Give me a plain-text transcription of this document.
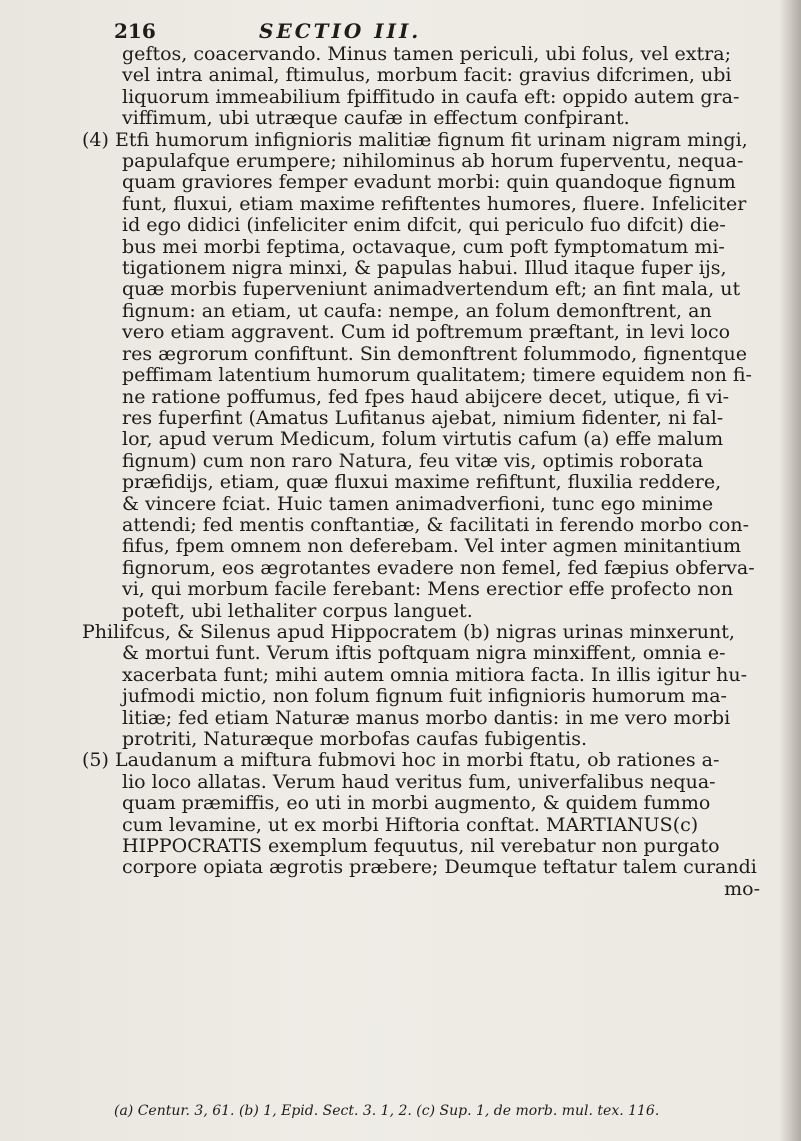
216	SECTIO III.
geftos, coacervando. Minus tamen periculi, ubi folus, vel extra;
vel intra animal, ftimulus, morbum facit: gravius difcrimen, ubi
liquorum immeabilium fpiffitudo in caufa eft: oppido autem gra-
viffimum, ubi utræque caufæ in effectum confpirant.
(4) Etfi humorum infignioris malitiæ fignum fit urinam nigram mingi,
papulafque erumpere; nihilominus ab horum fuperventu, nequa-
quam graviores femper evadunt morbi: quin quandoque fignum
funt, fluxui, etiam maxime refiftentes humores, fluere. Infeliciter
id ego didici (infeliciter enim difcit, qui periculo fuo difcit) die-
bus mei morbi feptima, octavaque, cum poft fymptomatum mi-
tigationem nigra minxi, & papulas habui. Illud itaque fuper ijs,
quæ morbis fuperveniunt animadvertendum eft; an fint mala, ut
fignum: an etiam, ut caufa: nempe, an folum demonftrent, an
vero etiam aggravent. Cum id poftremum præftant, in levi loco
res ægrorum confiftunt. Sin demonftrent folummodo, fignentque
peffimam latentium humorum qualitatem; timere equidem non fi-
ne ratione poffumus, fed fpes haud abijcere decet, utique, fi vi-
res fuperfint (Amatus Lufitanus ajebat, nimium fidenter, ni fal-
lor, apud verum Medicum, folum virtutis cafum (a) effe malum
fignum) cum non raro Natura, feu vitæ vis, optimis roborata
præfidijs, etiam, quæ fluxui maxime refiftunt, fluxilia reddere,
& vincere fciat. Huic tamen animadverfioni, tunc ego minime
attendi; fed mentis conftantiæ, & facilitati in ferendo morbo con-
fifus, fpem omnem non deferebam. Vel inter agmen minitantium
fignorum, eos ægrotantes evadere non femel, fed fæpius obferva-
vi, qui morbum facile ferebant: Mens erectior effe profecto non
poteft, ubi lethaliter corpus languet.
Philifcus, & Silenus apud Hippocratem (b) nigras urinas minxerunt,
& mortui funt. Verum iftis poftquam nigra minxiffent, omnia e-
xacerbata funt; mihi autem omnia mitiora facta. In illis igitur hu-
jufmodi mictio, non folum fignum fuit infignioris humorum ma-
litiæ; fed etiam Naturæ manus morbo dantis: in me vero morbi
protriti, Naturæque morbofas caufas fubigentis.
(5) Laudanum a miftura fubmovi hoc in morbi ftatu, ob rationes a-
lio loco allatas. Verum haud veritus fum, univerfalibus nequa-
quam præmiffis, eo uti in morbi augmento, & quidem fummo
cum levamine, ut ex morbi Hiftoria conftat. MARTIANUS(c)
HIPPOCRATIS exemplum fequutus, nil verebatur non purgato
corpore opiata ægrotis præbere; Deumque teftatur talem curandi
mo-
(a) Centur. 3, 61. (b) 1, Epid. Sect. 3. 1, 2. (c) Sup. 1, de morb. mul. tex. 116.
